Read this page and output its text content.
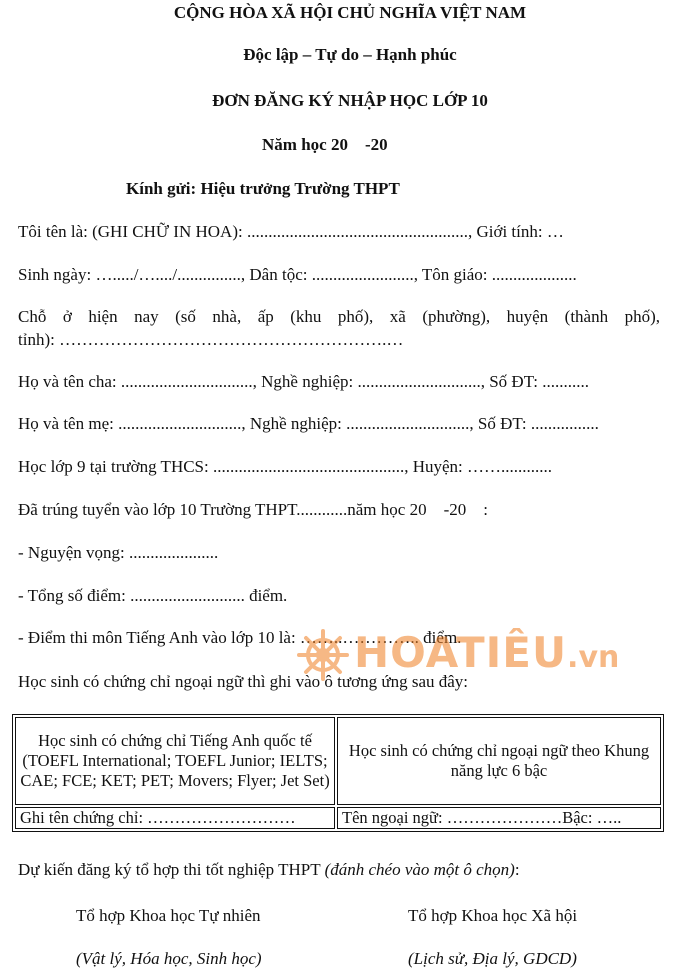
CỘNG HÒA XÃ HỘI CHỦ NGHĨA VIỆT NAM
Độc lập – Tự do – Hạnh phúc
ĐƠN ĐĂNG KÝ NHẬP HỌC LỚP 10
Năm học 20    -20
Kính gửi: Hiệu trưởng Trường THPT
Tôi tên là: (GHI CHỮ IN HOA): ...................................................., Giới tính: …
Sinh ngày: …...../…..../..............., Dân tộc: ........................, Tôn giáo: ....................
Chỗ ở hiện nay (số nhà, ấp (khu phố), xã (phường), huyện (thành phố),
tỉnh): ………………………………………………….…
Họ và tên cha: ..............................., Nghề nghiệp: ............................., Số ĐT: ...........
Họ và tên mẹ: ............................., Nghề nghiệp: ............................., Số ĐT: ................
Học lớp 9 tại trường THCS: ............................................., Huyện: ……............
Đã trúng tuyển vào lớp 10 Trường THPT............năm học 20    -20    :
- Nguyện vọng: .....................
- Tổng số điểm: ........................... điểm.
- Điểm thi môn Tiếng Anh vào lớp 10 là: ……..………….. điểm.
Học sinh có chứng chỉ ngoại ngữ thì ghi vào ô tương ứng sau đây:
HOATIÊU.vn
Học sinh có chứng chỉ Tiếng Anh quốc tế (TOEFL International; TOEFL Junior; IELTS; CAE; FCE; KET; PET; Movers; Flyer; Jet Set)	Học sinh có chứng chỉ ngoại ngữ theo Khung năng lực 6 bậc
Ghi tên chứng chỉ: ………………………	Tên ngoại ngữ: …………………Bậc: …..
Dự kiến đăng ký tổ hợp thi tốt nghiệp THPT (đánh chéo vào một ô chọn):
Tổ hợp Khoa học Tự nhiên
(Vật lý, Hóa học, Sinh học)
Tổ hợp Khoa học Xã hội
(Lịch sử, Địa lý, GDCD)
